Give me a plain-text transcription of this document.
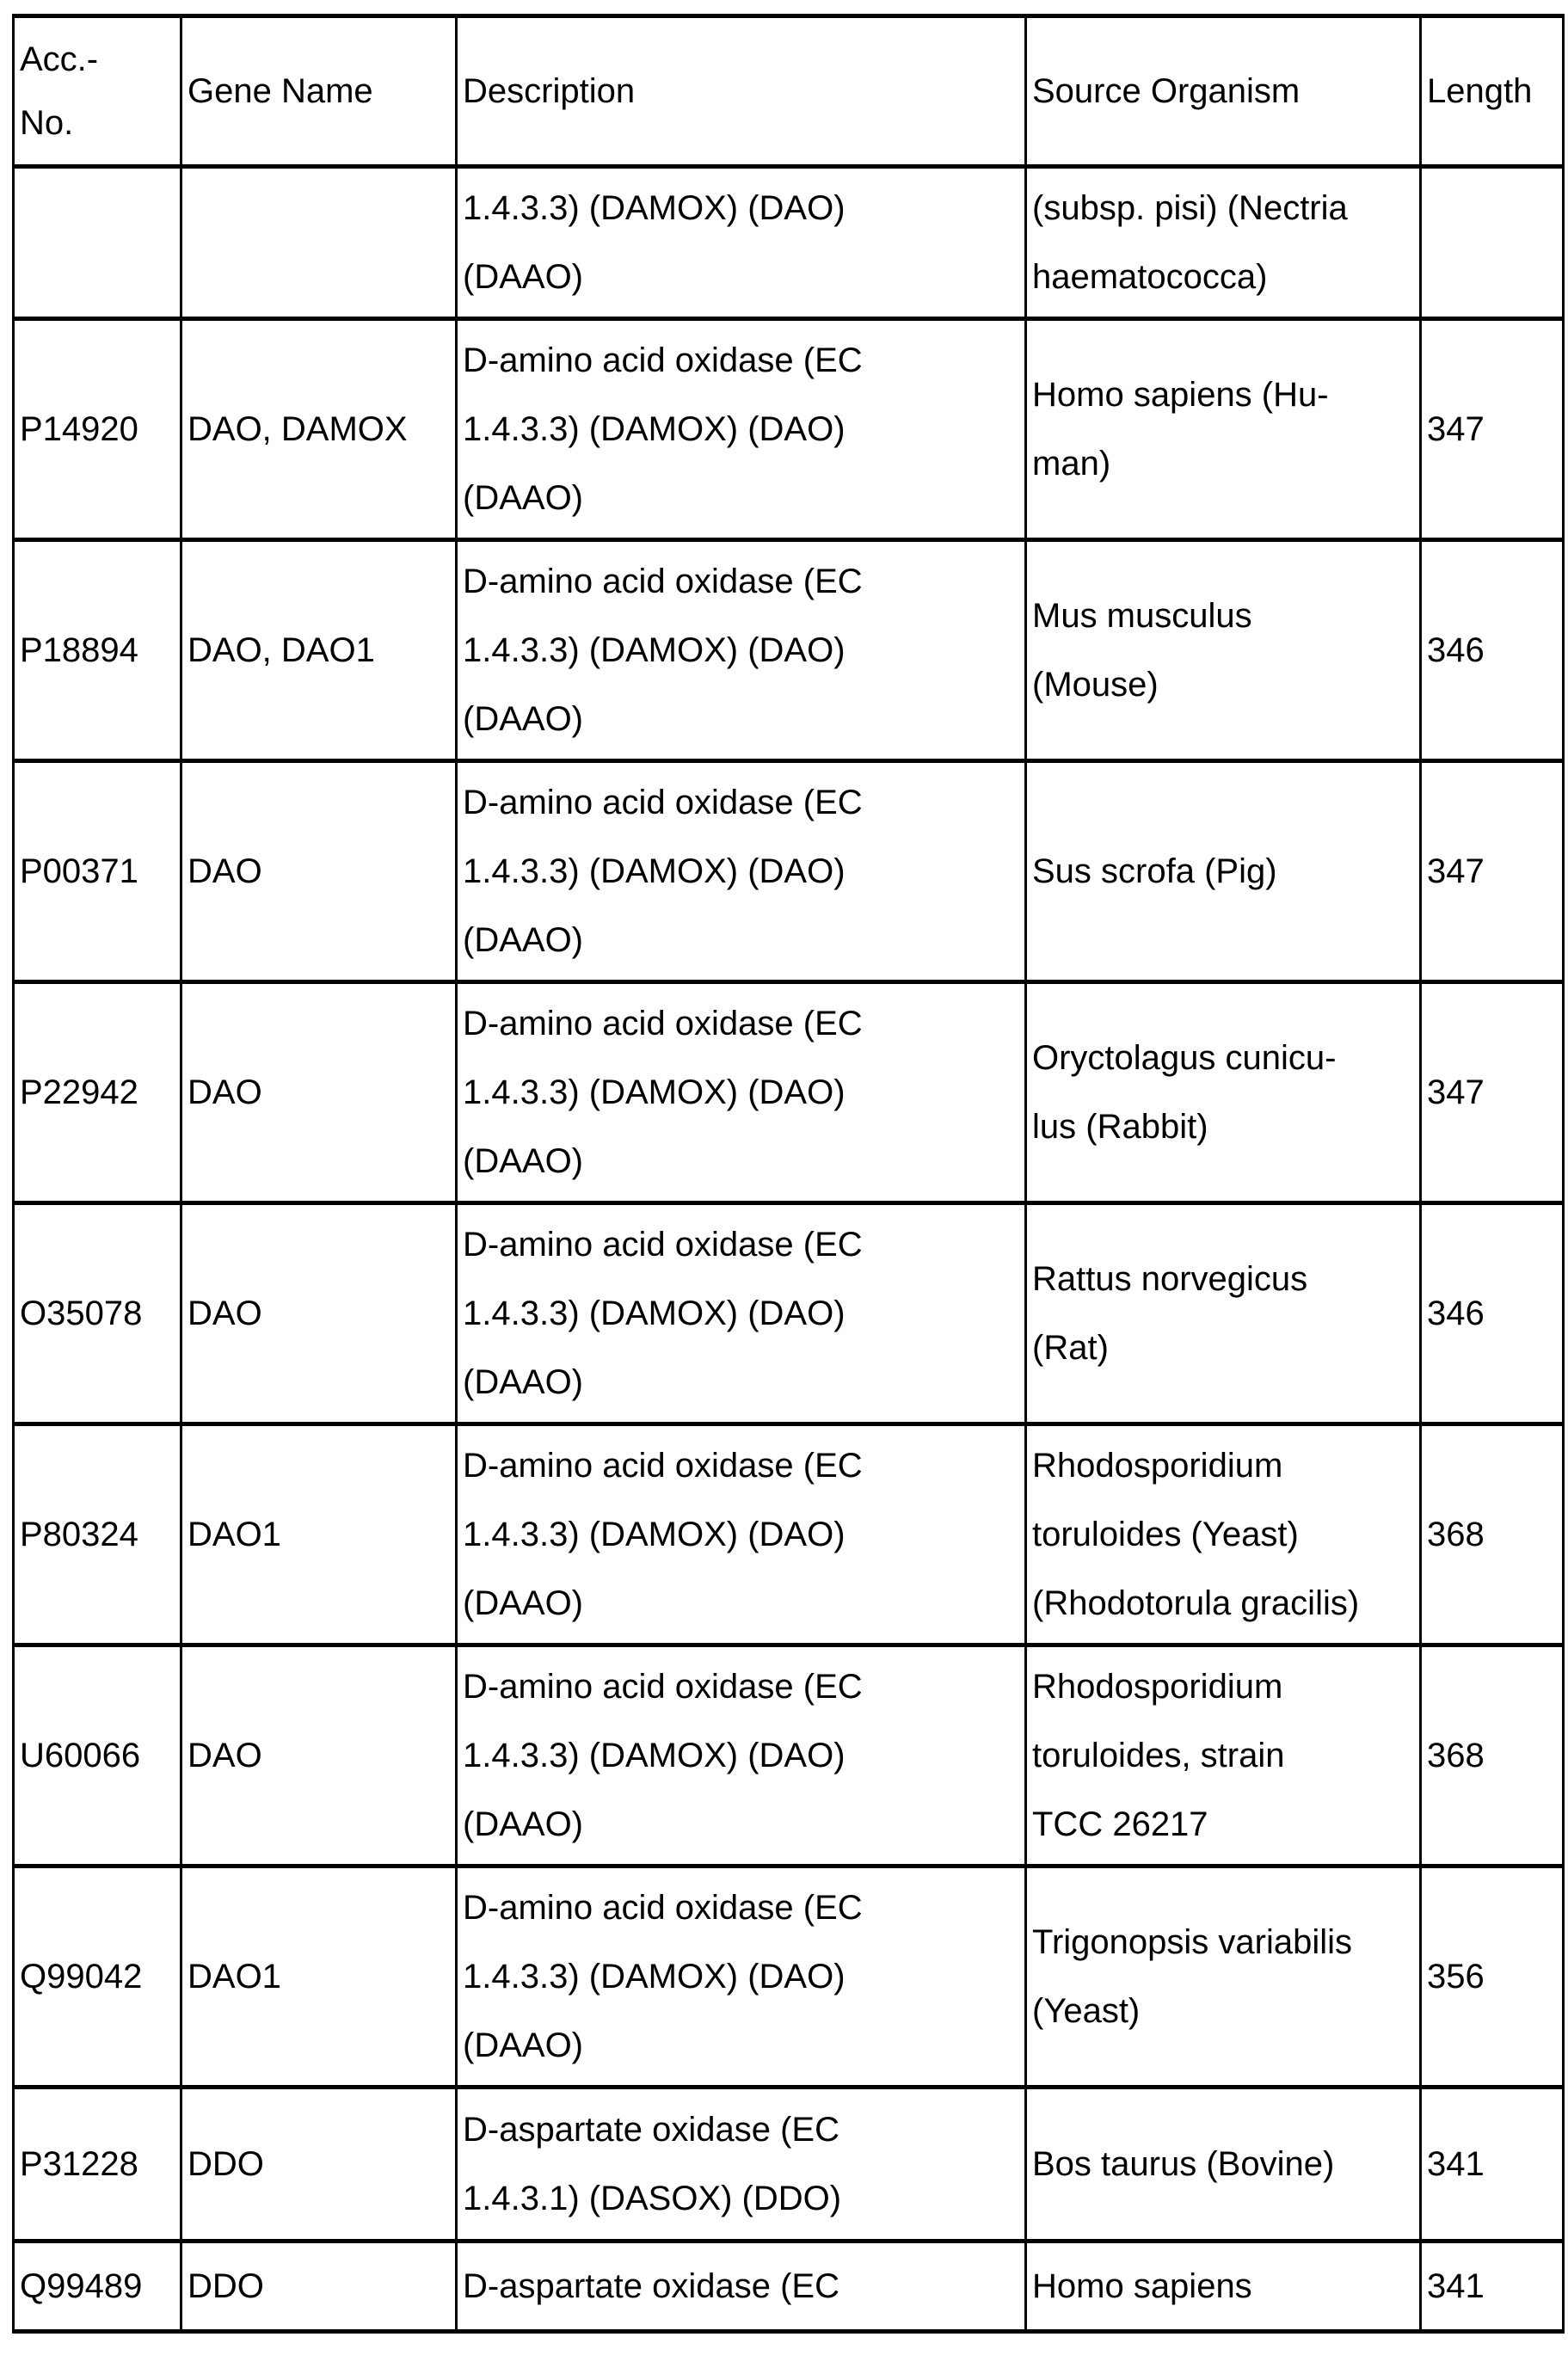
Acc.-
No.	Gene Name	Description	Source Organism	Length
		1.4.3.3) (DAMOX) (DAO)
(DAAO)	(subsp. pisi) (Nectria
haematococca)	
P14920	DAO, DAMOX	D-amino acid oxidase (EC
1.4.3.3) (DAMOX) (DAO)
(DAAO)	Homo sapiens (Hu-
man)	347
P18894	DAO, DAO1	D-amino acid oxidase (EC
1.4.3.3) (DAMOX) (DAO)
(DAAO)	Mus musculus
(Mouse)	346
P00371	DAO	D-amino acid oxidase (EC
1.4.3.3) (DAMOX) (DAO)
(DAAO)	Sus scrofa (Pig)	347
P22942	DAO	D-amino acid oxidase (EC
1.4.3.3) (DAMOX) (DAO)
(DAAO)	Oryctolagus cunicu-
lus (Rabbit)	347
O35078	DAO	D-amino acid oxidase (EC
1.4.3.3) (DAMOX) (DAO)
(DAAO)	Rattus norvegicus
(Rat)	346
P80324	DAO1	D-amino acid oxidase (EC
1.4.3.3) (DAMOX) (DAO)
(DAAO)	Rhodosporidium
toruloides (Yeast)
(Rhodotorula gracilis)	368
U60066	DAO	D-amino acid oxidase (EC
1.4.3.3) (DAMOX) (DAO)
(DAAO)	Rhodosporidium
toruloides, strain
TCC 26217	368
Q99042	DAO1	D-amino acid oxidase (EC
1.4.3.3) (DAMOX) (DAO)
(DAAO)	Trigonopsis variabilis
(Yeast)	356
P31228	DDO	D-aspartate oxidase (EC
1.4.3.1) (DASOX) (DDO)	Bos taurus (Bovine)	341
Q99489	DDO	D-aspartate oxidase (EC	Homo sapiens	341
